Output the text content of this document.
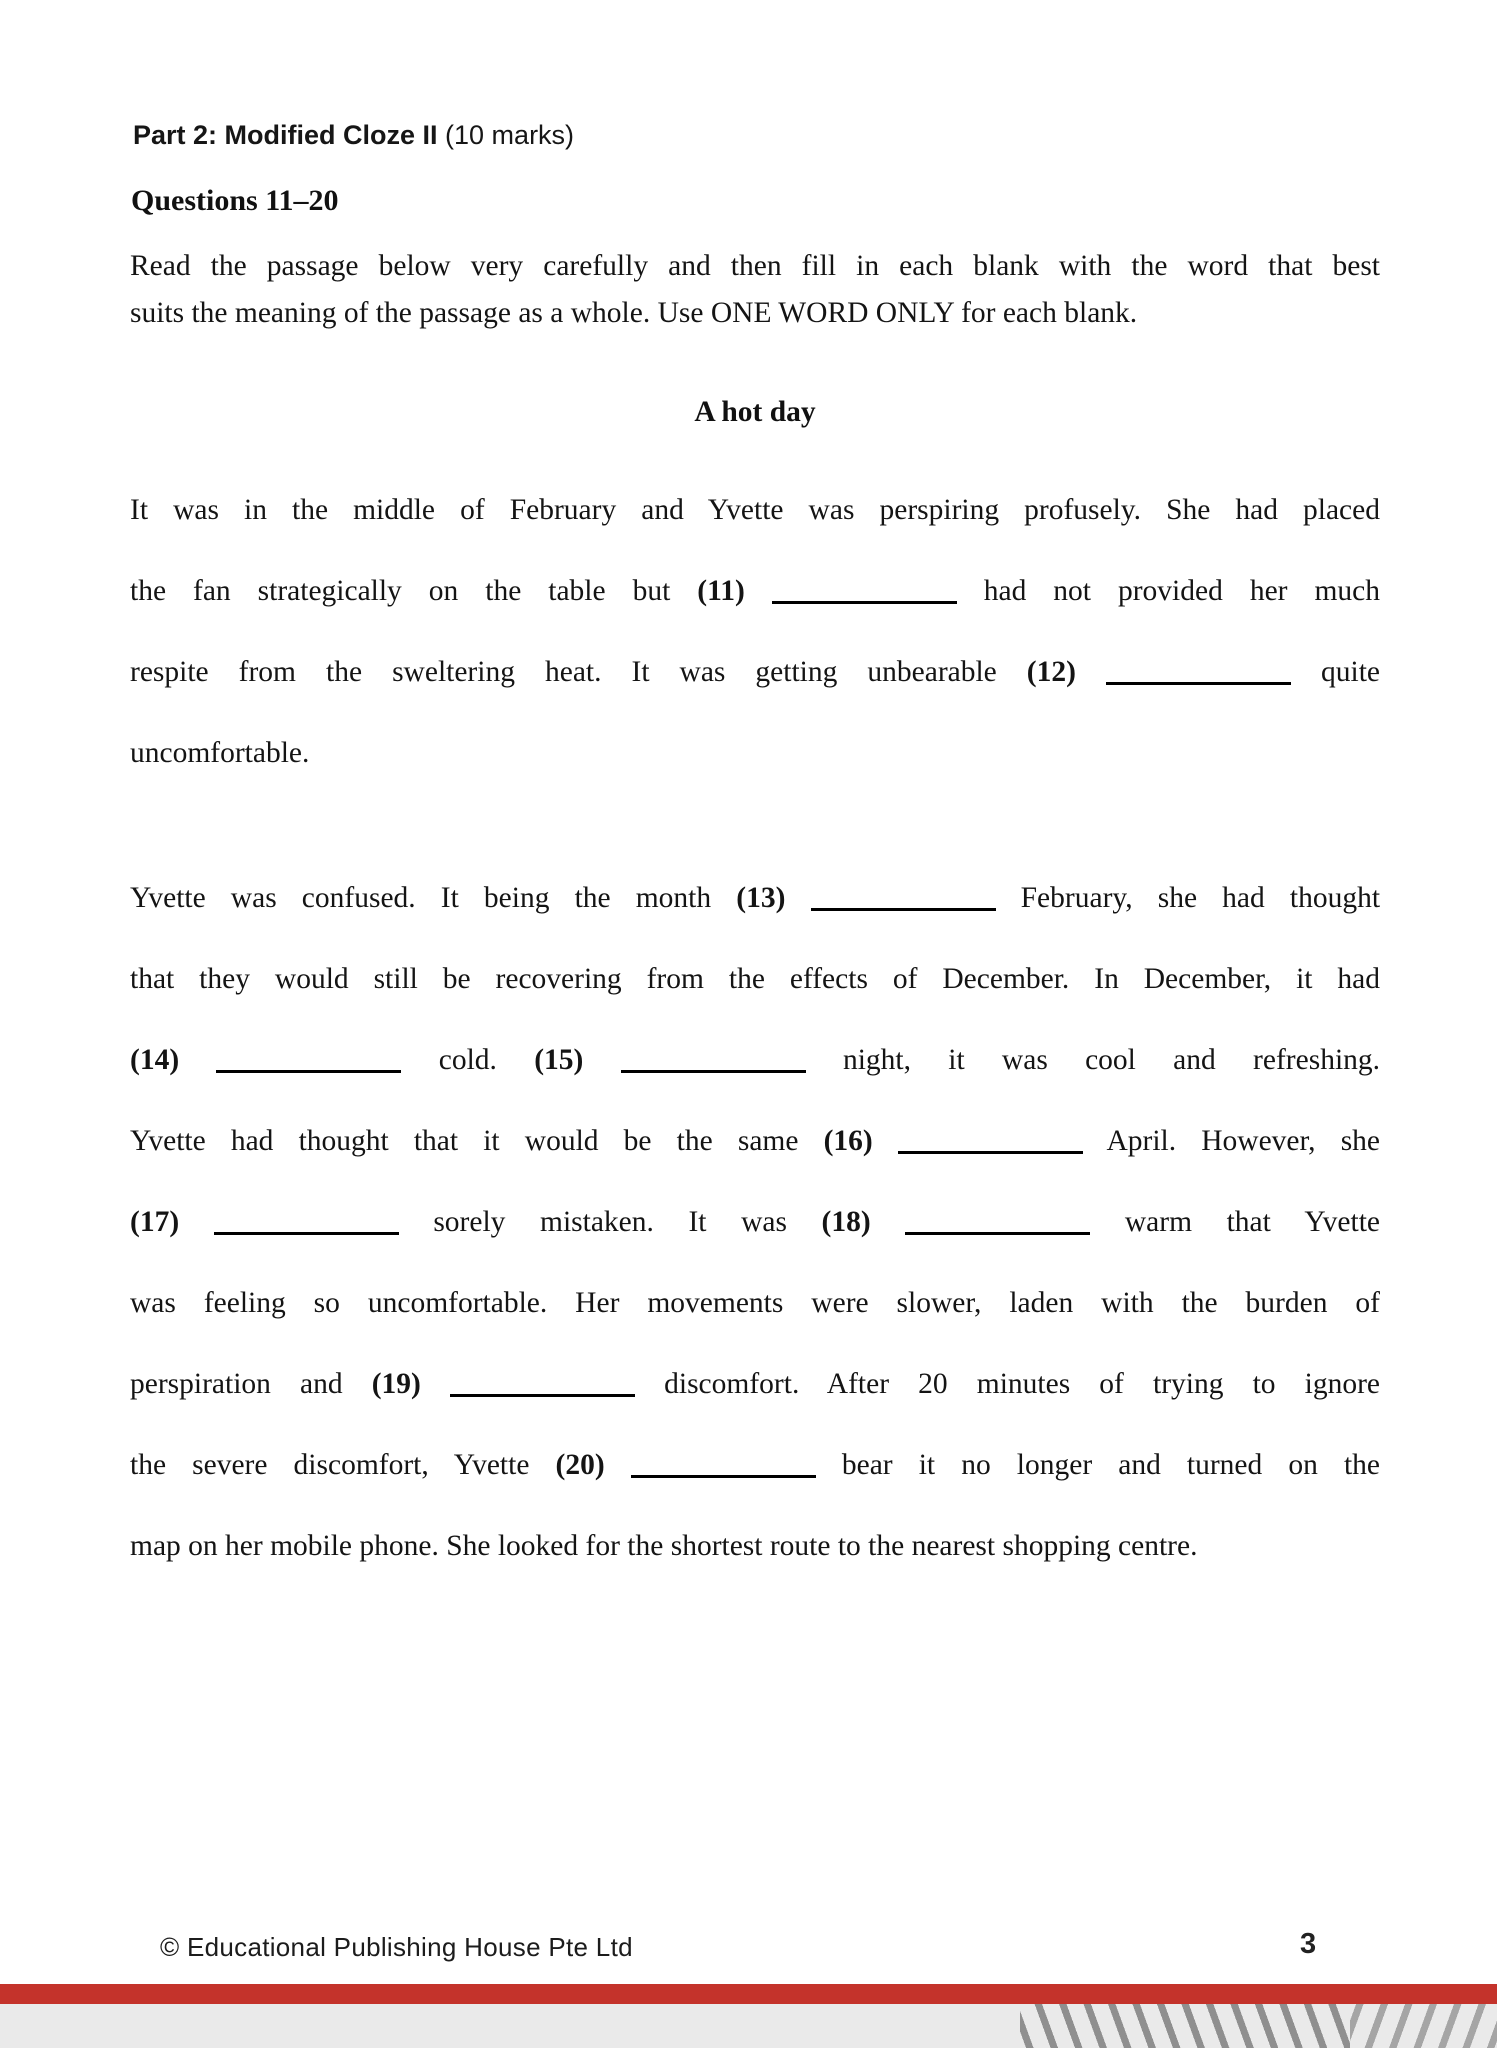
Part 2: Modified Cloze II (10 marks)
Questions 11–20
Read the passage below very carefully and then fill in each blank with the word that best
suits the meaning of the passage as a whole. Use ONE WORD ONLY for each blank.
A hot day
It was in the middle of February and Yvette was perspiring profusely. She had placed
the fan strategically on the table but (11)	had not provided her much
respite from the sweltering heat. It was getting unbearable (12)	quite
uncomfortable.
Yvette was confused. It being the month (13)	February, she had thought
that they would still be recovering from the effects of December. In December, it had
(14)	cold. (15)	night, it was cool and refreshing.
Yvette had thought that it would be the same (16)	April. However, she
(17)	sorely mistaken. It was (18)	warm that Yvette
was feeling so uncomfortable. Her movements were slower, laden with the burden of
perspiration and (19)	discomfort. After 20 minutes of trying to ignore
the severe discomfort, Yvette (20)	bear it no longer and turned on the
map on her mobile phone. She looked for the shortest route to the nearest shopping centre.
© Educational Publishing House Pte Ltd	3
